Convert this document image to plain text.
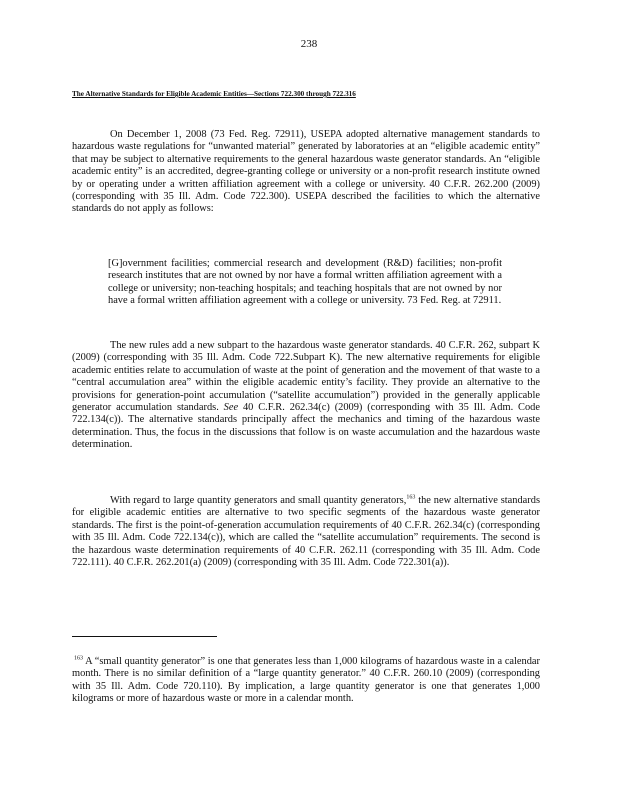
238
The Alternative Standards for Eligible Academic Entities—Sections 722.300 through 722.316

On December 1, 2008 (73 Fed. Reg. 72911), USEPA adopted alternative management standards to hazardous waste regulations for “unwanted material” generated by laboratories at an “eligible academic entity” that may be subject to alternative requirements to the general hazardous waste generator standards. An “eligible academic entity” is an accredited, degree-granting college or university or a non-profit research institute owned by or operating under a written affiliation agreement with a college or university. 40 C.F.R. 262.200 (2009) (corresponding with 35 Ill. Adm. Code 722.300). USEPA described the facilities to which the alternative standards do not apply as follows:

[G]overnment facilities; commercial research and development (R&D) facilities; non-profit research institutes that are not owned by nor have a formal written affiliation agreement with a college or university; non-teaching hospitals; and teaching hospitals that are not owned by nor have a formal written affiliation agreement with a college or university. 73 Fed. Reg. at 72911.

The new rules add a new subpart to the hazardous waste generator standards. 40 C.F.R. 262, subpart K (2009) (corresponding with 35 Ill. Adm. Code 722.Subpart K). The new alternative requirements for eligible academic entities relate to accumulation of waste at the point of generation and the movement of that waste to a “central accumulation area” within the eligible academic entity’s facility. They provide an alternative to the provisions for generation-point accumulation (“satellite accumulation”) provided in the generally applicable generator accumulation standards. See 40 C.F.R. 262.34(c) (2009) (corresponding with 35 Ill. Adm. Code 722.134(c)). The alternative standards principally affect the mechanics and timing of the hazardous waste determination. Thus, the focus in the discussions that follow is on waste accumulation and the hazardous waste determination.

With regard to large quantity generators and small quantity generators,$^{163}$ the new alternative standards for eligible academic entities are alternative to two specific segments of the hazardous waste generator standards. The first is the point-of-generation accumulation requirements of 40 C.F.R. 262.34(c) (corresponding with 35 Ill. Adm. Code 722.134(c)), which are called the “satellite accumulation” requirements. The second is the hazardous waste determination requirements of 40 C.F.R. 262.11 (corresponding with 35 Ill. Adm. Code 722.111). 40 C.F.R. 262.201(a) (2009) (corresponding with 35 Ill. Adm. Code 722.301(a)).

$^{163}$ A “small quantity generator” is one that generates less than 1,000 kilograms of hazardous waste in a calendar month. There is no similar definition of a “large quantity generator.” 40 C.F.R. 260.10 (2009) (corresponding with 35 Ill. Adm. Code 720.110). By implication, a large quantity generator is one that generates 1,000 kilograms or more of hazardous waste or more in a calendar month.
